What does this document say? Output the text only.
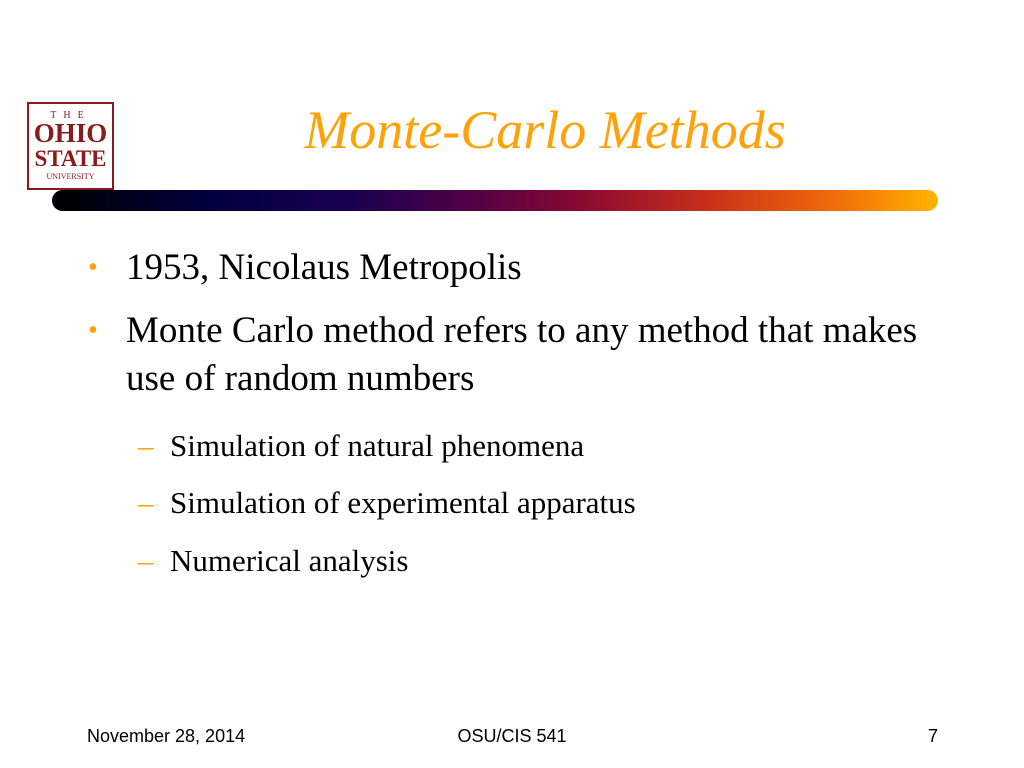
THE
OHIO
STATE
UNIVERSITY
Monte-Carlo Methods
• 1953, Nicolaus Metropolis
• Monte Carlo method refers to any method that makes use of random numbers
– Simulation of natural phenomena
– Simulation of experimental apparatus
– Numerical analysis
November 28, 2014	OSU/CIS 541	7
